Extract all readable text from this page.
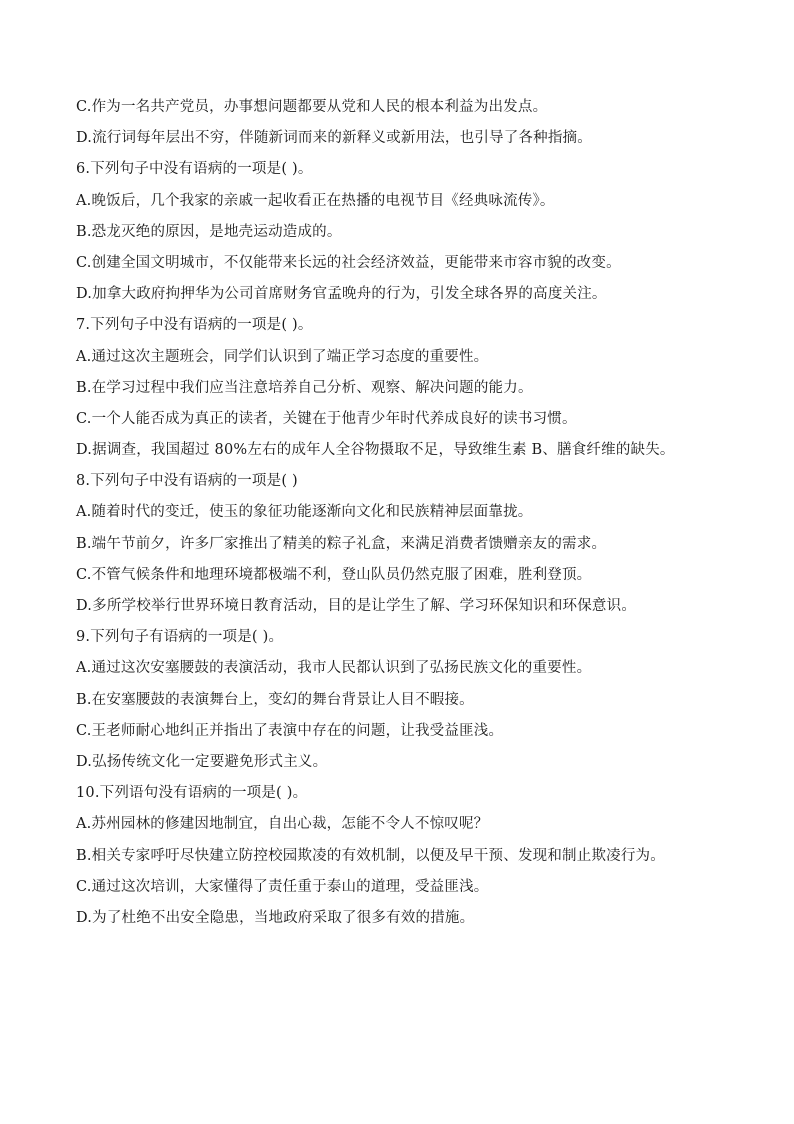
C.作为一名共产党员，办事想问题都要从党和人民的根本利益为出发点。
D.流行词每年层出不穷，伴随新词而来的新释义或新用法，也引导了各种指摘。
6.下列句子中没有语病的一项是( )。
A.晚饭后，几个我家的亲戚一起收看正在热播的电视节目《经典咏流传》。
B.恐龙灭绝的原因，是地壳运动造成的。
C.创建全国文明城市，不仅能带来长远的社会经济效益，更能带来市容市貌的改变。
D.加拿大政府拘押华为公司首席财务官孟晚舟的行为，引发全球各界的高度关注。
7.下列句子中没有语病的一项是( )。
A.通过这次主题班会，同学们认识到了端正学习态度的重要性。
B.在学习过程中我们应当注意培养自己分析、观察、解决问题的能力。
C.一个人能否成为真正的读者，关键在于他青少年时代养成良好的读书习惯。
D.据调查，我国超过 80%左右的成年人全谷物摄取不足，导致维生素 B、膳食纤维的缺失。
8.下列句子中没有语病的一项是( )
A.随着时代的变迁，使玉的象征功能逐渐向文化和民族精神层面靠拢。
B.端午节前夕，许多厂家推出了精美的粽子礼盒，来满足消费者馈赠亲友的需求。
C.不管气候条件和地理环境都极端不利，登山队员仍然克服了困难，胜利登顶。
D.多所学校举行世界环境日教育活动，目的是让学生了解、学习环保知识和环保意识。
9.下列句子有语病的一项是( )。
A.通过这次安塞腰鼓的表演活动，我市人民都认识到了弘扬民族文化的重要性。
B.在安塞腰鼓的表演舞台上，变幻的舞台背景让人目不暇接。
C.王老师耐心地纠正并指出了表演中存在的问题，让我受益匪浅。
D.弘扬传统文化一定要避免形式主义。
10.下列语句没有语病的一项是( )。
A.苏州园林的修建因地制宜，自出心裁，怎能不令人不惊叹呢？
B.相关专家呼吁尽快建立防控校园欺凌的有效机制，以便及早干预、发现和制止欺凌行为。
C.通过这次培训，大家懂得了责任重于泰山的道理，受益匪浅。
D.为了杜绝不出安全隐患，当地政府采取了很多有效的措施。
